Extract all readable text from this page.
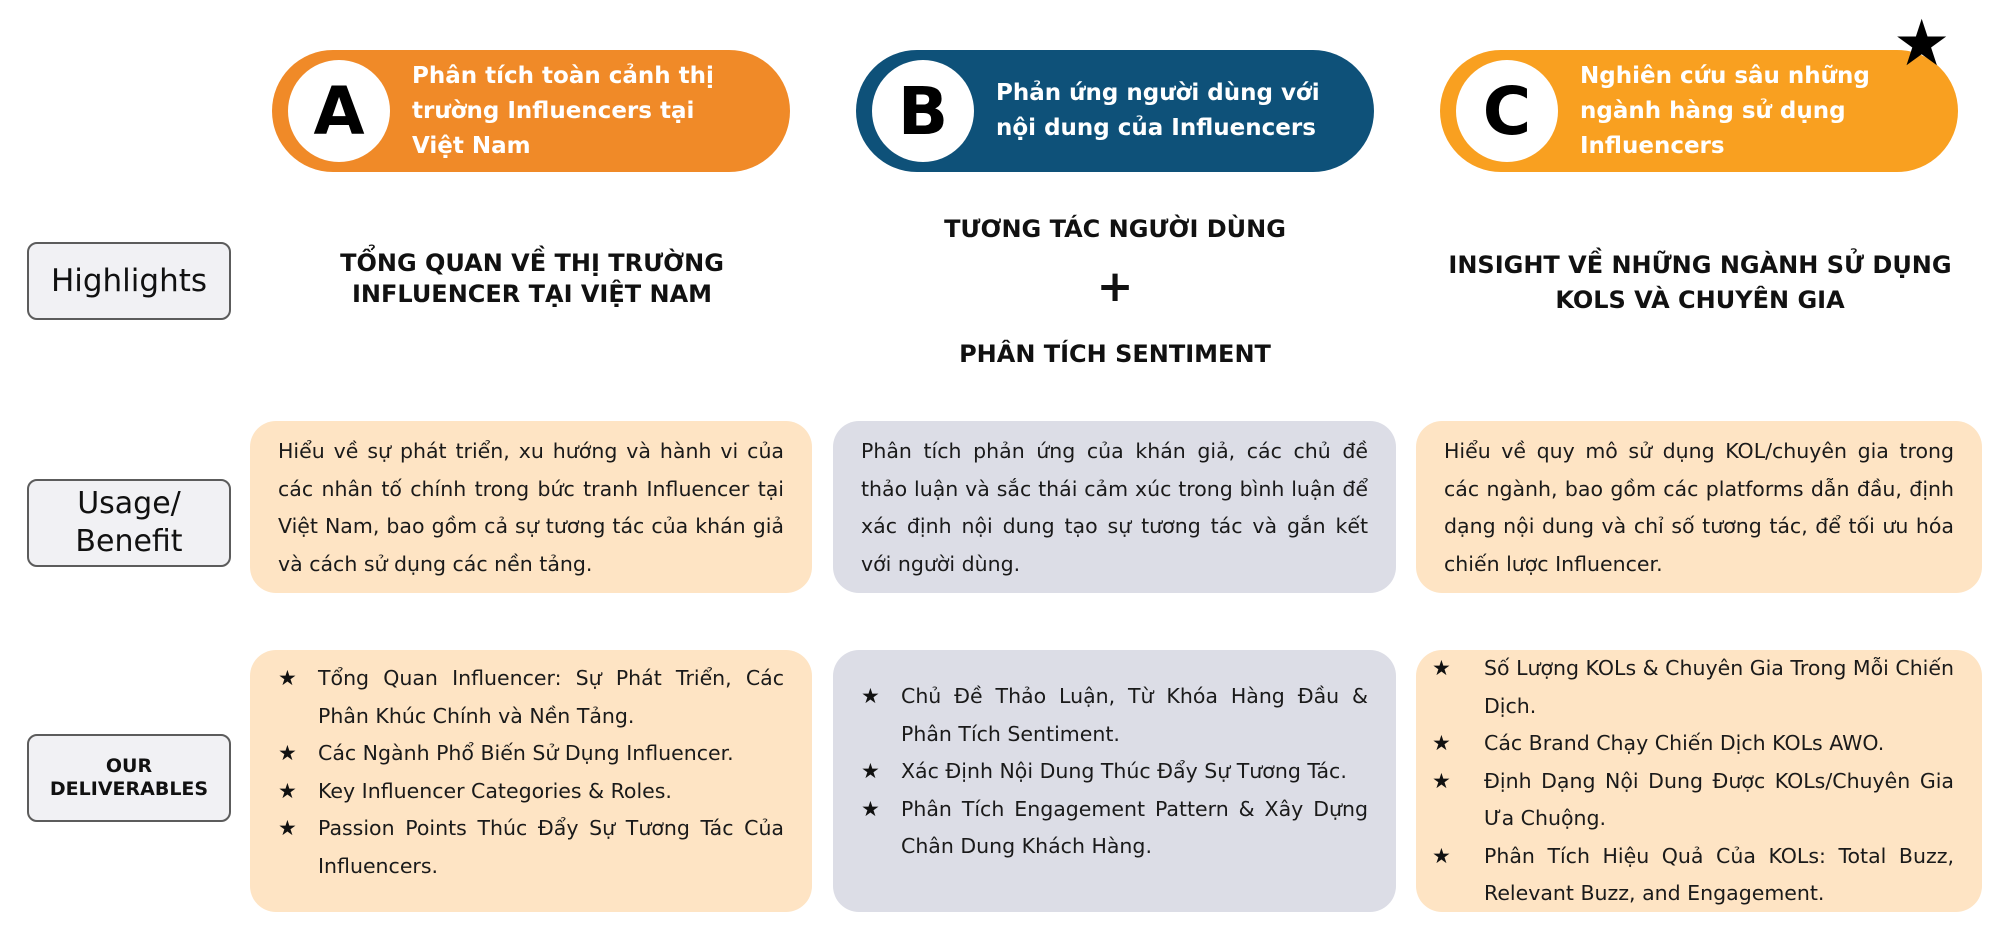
A	Phân tích toàn cảnh thị trường Influencers tại Việt Nam	B	Phản ứng người dùng với nội dung của Influencers	C	Nghiên cứu sâu những ngành hàng sử dụng Influencers
★
Highlights
Usage/ Benefit
OUR DELIVERABLES
TỔNG QUAN VỀ THỊ TRƯỜNG INFLUENCER TẠI VIỆT NAM
TƯƠNG TÁC NGƯỜI DÙNG
+
PHÂN TÍCH SENTIMENT
INSIGHT VỀ NHỮNG NGÀNH SỬ DỤNG KOLS VÀ CHUYÊN GIA
Hiểu về sự phát triển, xu hướng và hành vi của các nhân tố chính trong bức tranh Influencer tại Việt Nam, bao gồm cả sự tương tác của khán giả và cách sử dụng các nền tảng.
Phân tích phản ứng của khán giả, các chủ đề thảo luận và sắc thái cảm xúc trong bình luận để xác định nội dung tạo sự tương tác và gắn kết với người dùng.
Hiểu về quy mô sử dụng KOL/chuyên gia trong các ngành, bao gồm các platforms dẫn đầu, định dạng nội dung và chỉ số tương tác, để tối ưu hóa chiến lược Influencer.
★ Tổng Quan Influencer: Sự Phát Triển, Các Phân Khúc Chính và Nền Tảng.
★ Các Ngành Phổ Biến Sử Dụng Influencer.
★ Key Influencer Categories & Roles.
★ Passion Points Thúc Đẩy Sự Tương Tác Của Influencers.
★ Chủ Đề Thảo Luận, Từ Khóa Hàng Đầu & Phân Tích Sentiment.
★ Xác Định Nội Dung Thúc Đẩy Sự Tương Tác.
★ Phân Tích Engagement Pattern & Xây Dựng Chân Dung Khách Hàng.
★ Số Lượng KOLs & Chuyên Gia Trong Mỗi Chiến Dịch.
★ Các Brand Chạy Chiến Dịch KOLs AWO.
★ Định Dạng Nội Dung Được KOLs/Chuyên Gia Ưa Chuộng.
★ Phân Tích Hiệu Quả Của KOLs: Total Buzz, Relevant Buzz, and Engagement.
